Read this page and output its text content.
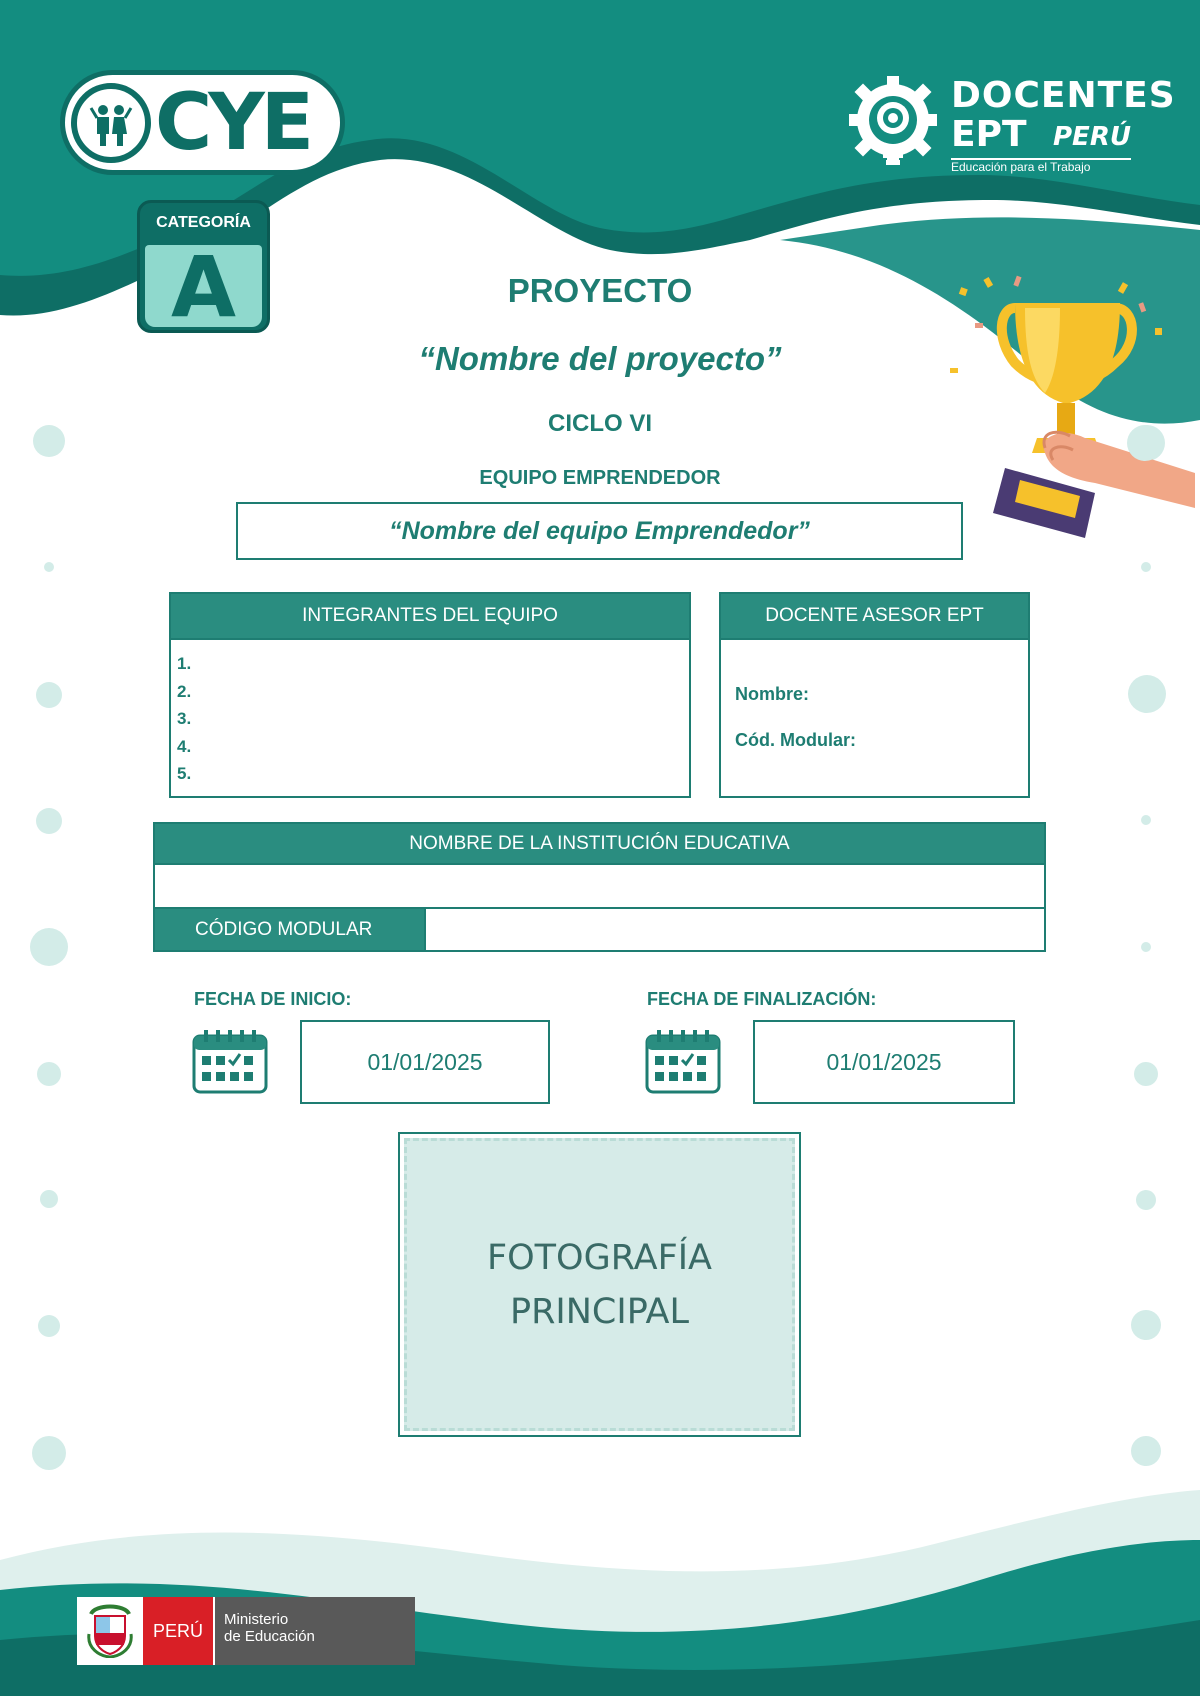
CYE	DOCENTES
EPT PERÚ
Educación para el Trabajo
CATEGORÍA
A	PROYECTO
“Nombre del proyecto”
CICLO VI
EQUIPO EMPRENDEDOR
“Nombre del equipo Emprendedor”
INTEGRANTES DEL EQUIPO
1.
2.
3.
4.
5.
DOCENTE ASESOR EPT
Nombre:
Cód. Modular:
NOMBRE DE LA INSTITUCIÓN EDUCATIVA
CÓDIGO MODULAR
FECHA DE INICIO:
01/01/2025
FECHA DE FINALIZACIÓN:
01/01/2025
FOTOGRAFÍA
PRINCIPAL
PERÚ
Ministerio
de Educación
